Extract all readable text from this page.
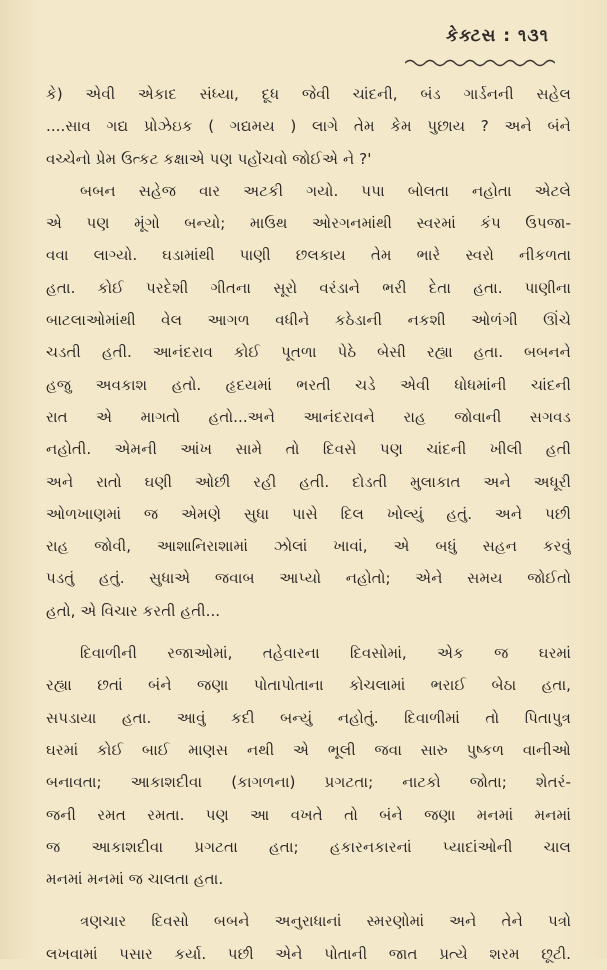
કેક્ટસ : ૧૩૧
કે) એવી એકાદ સંધ્યા, દૂધ જેવી ચાંદની, બંડ ગાર્ડનની સહેલ
....સાવ ગદ્ય પ્રોઝેઇક ( ગદ્યમય ) લાગે તેમ કેમ પુછાય ? અને બંને
વચ્ચેનો પ્રેમ ઉત્કટ કક્ષાએ પણ પહોંચવો જોઈએ ને ?'
બબન સહેજ વાર અટકી ગયો. પપા બોલતા નહોતા એટલે
એ પણ મૂંગો બન્યો; માઉથ ઓરગનમાંથી સ્વરમાં કંપ ઉપજા-
વવા લાગ્યો. ઘડામાંથી પાણી છલકાય તેમ ભારે સ્વરો નીકળતા
હતા. કોઈ પરદેશી ગીતના સૂરો વરંડાને ભરી દેતા હતા. પાણીના
બાટલાઓમાંથી વેલ આગળ વધીને કઠેડાની નકશી ઓળંગી ઊંચે
ચડતી હતી. આનંદરાવ કોઈ પૂતળા પેઠે બેસી રહ્યા હતા. બબનને
હજુ અવકાશ હતો. હૃદયમાં ભરતી ચડે એવી ધોધમાંની ચાંદની
રાત એ માગતો હતો...અને આનંદરાવને રાહ જોવાની સગવડ
નહોતી. એમની આંખ સામે તો દિવસે પણ ચાંદની ખીલી હતી
અને રાતો ઘણી ઓછી રહી હતી. દોડતી મુલાકાત અને અધૂરી
ઓળખાણમાં જ એમણે સુધા પાસે દિલ ખોલ્યું હતું. અને પછી
રાહ જોવી, આશાનિરાશામાં ઝોલાં ખાવાં, એ બધું સહન કરવું
પડતું હતું. સુધાએ જવાબ આપ્યો નહોતો; એને સમય જોઈતો
હતો, એ વિચાર કરતી હતી...
દિવાળીની રજાઓમાં, તહેવારના દિવસોમાં, એક જ ઘરમાં
રહ્યા છતાં બંને જણા પોતાપોતાના કોચલામાં ભરાઈ બેઠા હતા,
સપડાયા હતા. આવું કદી બન્યું નહોતું. દિવાળીમાં તો પિતાપુત્ર
ઘરમાં કોઈ બાઈ માણસ નથી એ ભૂલી જવા સારુ પુષ્કળ વાનીઓ
બનાવતા; આકાશદીવા (કાગળના) પ્રગટતા; નાટકો જોતા; શેતરં-
જની રમત રમતા. પણ આ વખતે તો બંને જણા મનમાં મનમાં
જ આકાશદીવા પ્રગટતા હતા; હકારનકારનાં પ્યાદાંઓની ચાલ
મનમાં મનમાં જ ચાલતા હતા.
ત્રણચાર દિવસો બબને અનુરાધાનાં સ્મરણોમાં અને તેને પત્રો
લખવામાં પસાર કર્યા. પછી એને પોતાની જાત પ્રત્યે શરમ છૂટી.
